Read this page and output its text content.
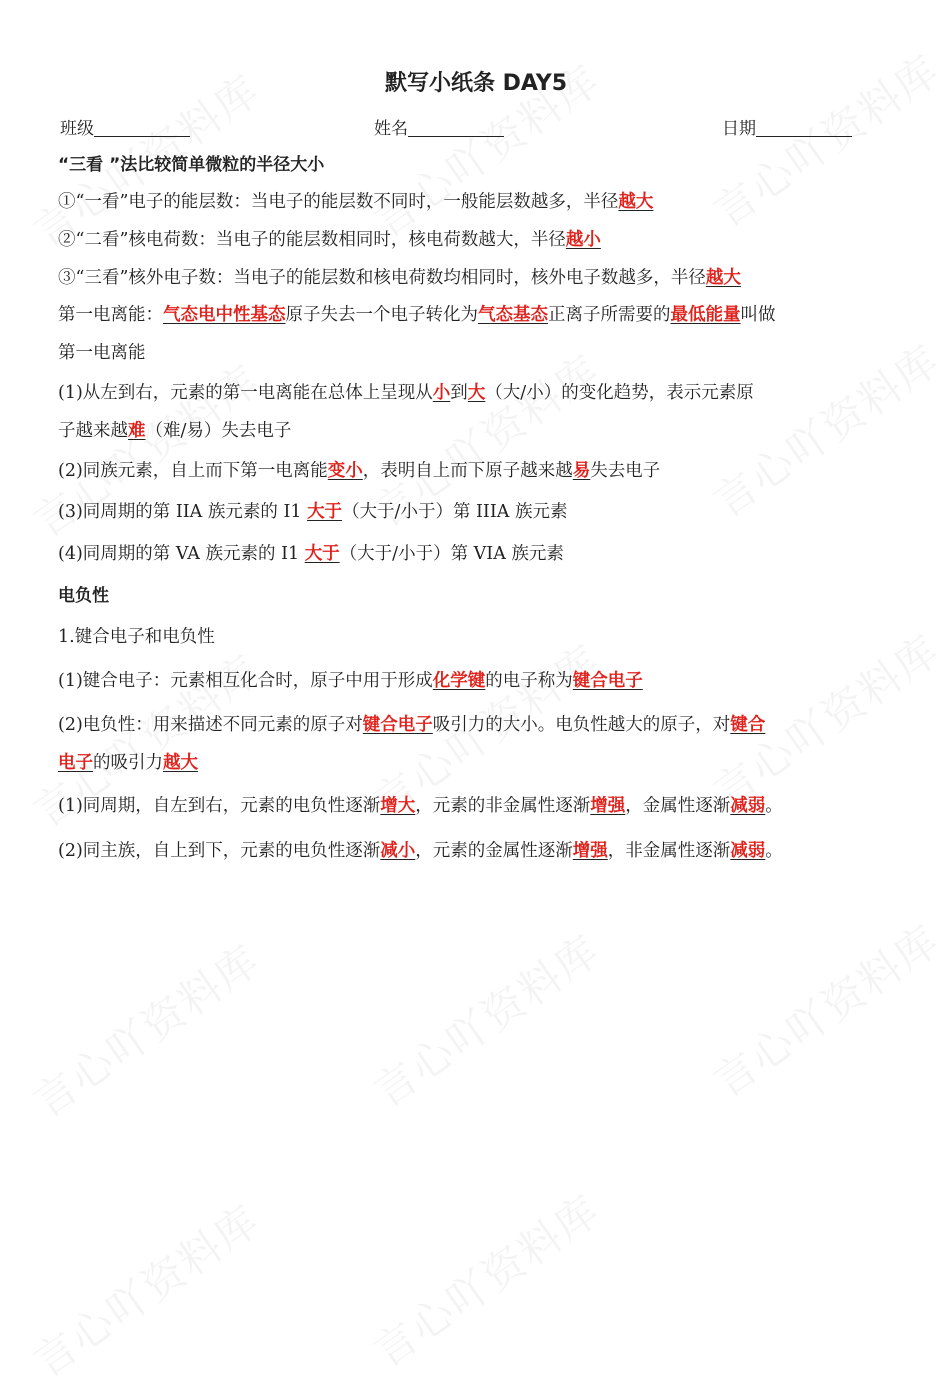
默写小纸条 DAY5
班级	姓名	日期
“三看 ”法比较简单微粒的半径大小
①“一看”电子的能层数：当电子的能层数不同时，一般能层数越多，半径越大
②“二看”核电荷数：当电子的能层数相同时，核电荷数越大，半径越小
③“三看”核外电子数：当电子的能层数和核电荷数均相同时，核外电子数越多，半径越大
第一电离能：气态电中性基态原子失去一个电子转化为气态基态正离子所需要的最低能量叫做
第一电离能
(1)从左到右，元素的第一电离能在总体上呈现从小到大（大/小）的变化趋势，表示元素原
子越来越难（难/易）失去电子
(2)同族元素，自上而下第一电离能变小，表明自上而下原子越来越易失去电子
(3)同周期的第 IIA 族元素的 I1 大于（大于/小于）第 IIIA 族元素
(4)同周期的第 VA 族元素的 I1 大于（大于/小于）第 VIA 族元素
电负性
1.键合电子和电负性
(1)键合电子：元素相互化合时，原子中用于形成化学键的电子称为键合电子
(2)电负性：用来描述不同元素的原子对键合电子吸引力的大小。电负性越大的原子，对键合
电子的吸引力越大
(1)同周期，自左到右，元素的电负性逐渐增大，元素的非金属性逐渐增强，金属性逐渐减弱。
(2)同主族，自上到下，元素的电负性逐渐减小，元素的金属性逐渐增强，非金属性逐渐减弱。
